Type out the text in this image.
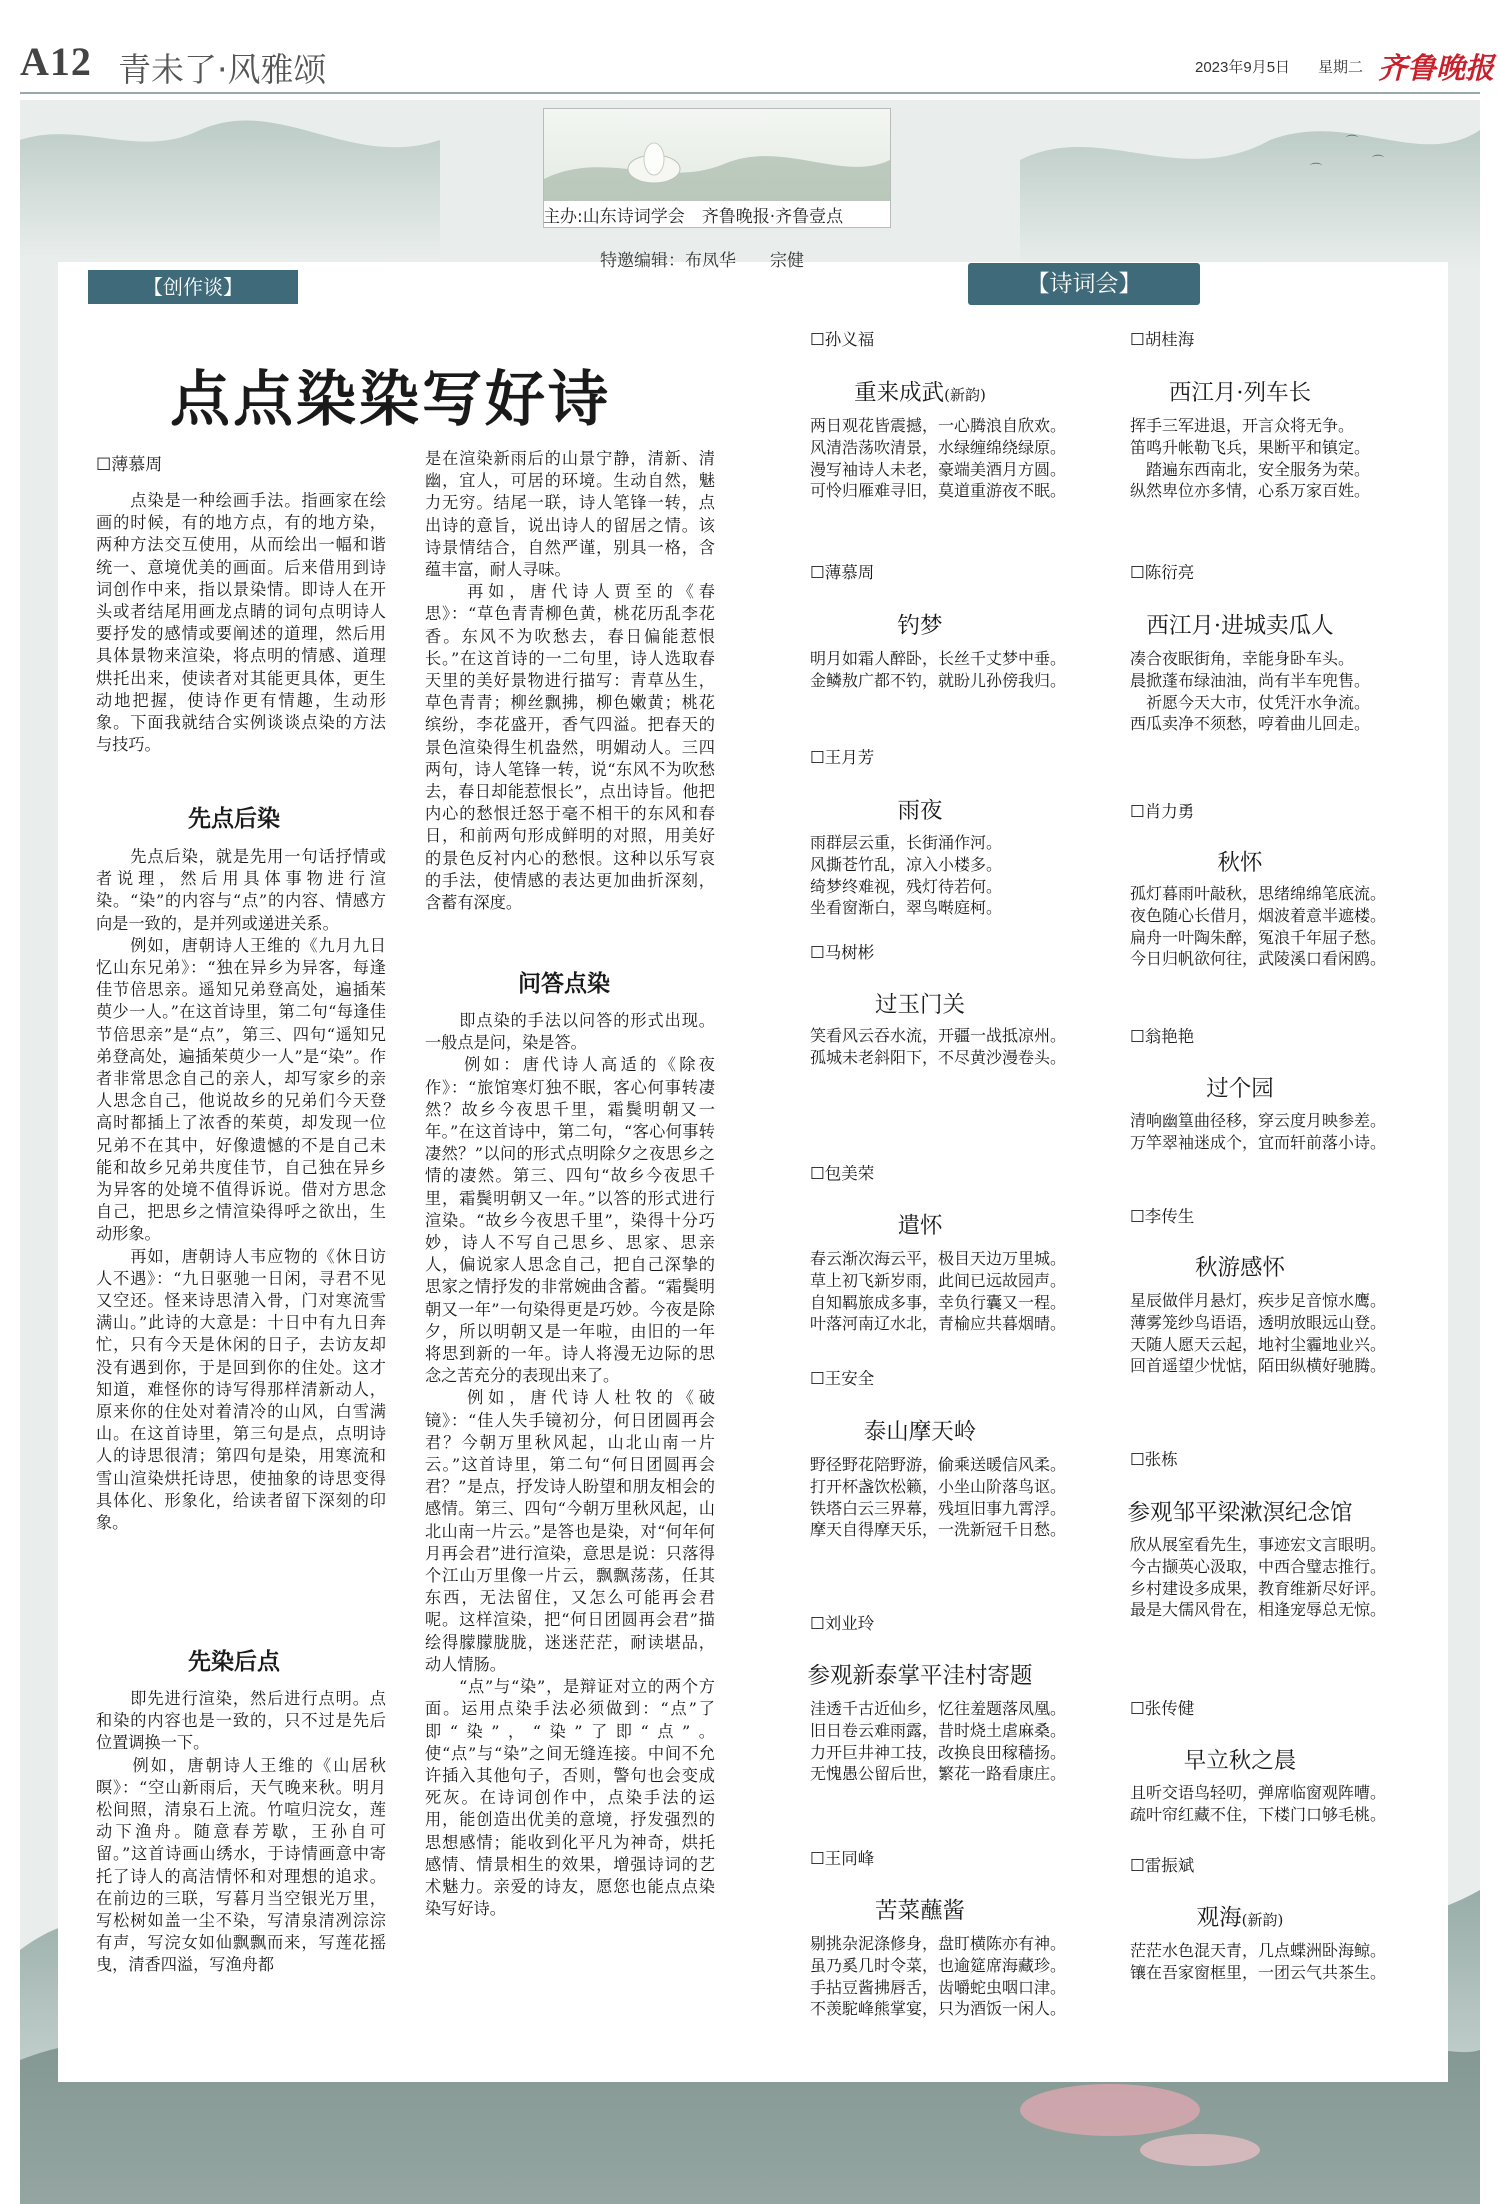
A12 青未了·风雅颂	2023年9月5日 星期二 齐鲁晚报
⌒
⌒
⌒
主办:山东诗词学会　齐鲁晚报·齐鲁壹点
特邀编辑：布凤华　　宗健
【创作谈】
点点染染写好诗
☐薄慕周
　　点染是一种绘画手法。指画家在绘画的时候，有的地方点，有的地方染，两种方法交互使用，从而绘出一幅和谐统一、意境优美的画面。后来借用到诗词创作中来，指以景染情。即诗人在开头或者结尾用画龙点睛的词句点明诗人要抒发的感情或要阐述的道理，然后用具体景物来渲染，将点明的情感、道理烘托出来，使读者对其能更具体，更生动地把握，使诗作更有情趣，生动形象。下面我就结合实例谈谈点染的方法与技巧。
先点后染
　　先点后染，就是先用一句话抒情或者说理，然后用具体事物进行渲染。“染”的内容与“点”的内容、情感方向是一致的，是并列或递进关系。
　　例如，唐朝诗人王维的《九月九日忆山东兄弟》：“独在异乡为异客，每逢佳节倍思亲。遥知兄弟登高处，遍插茱萸少一人。”在这首诗里，第二句“每逢佳节倍思亲”是“点”，第三、四句“遥知兄弟登高处，遍插茱萸少一人”是“染”。作者非常思念自己的亲人，却写家乡的亲人思念自己，他说故乡的兄弟们今天登高时都插上了浓香的茱萸，却发现一位兄弟不在其中，好像遗憾的不是自己未能和故乡兄弟共度佳节，自己独在异乡为异客的处境不值得诉说。借对方思念自己，把思乡之情渲染得呼之欲出，生动形象。
　　再如，唐朝诗人韦应物的《休日访人不遇》：“九日驱驰一日闲，寻君不见又空还。怪来诗思清入骨，门对寒流雪满山。”此诗的大意是：十日中有九日奔忙，只有今天是休闲的日子，去访友却没有遇到你，于是回到你的住处。这才知道，难怪你的诗写得那样清新动人，原来你的住处对着清冷的山风，白雪满山。在这首诗里，第三句是点，点明诗人的诗思很清；第四句是染，用寒流和雪山渲染烘托诗思，使抽象的诗思变得具体化、形象化，给读者留下深刻的印象。
先染后点
　　即先进行渲染，然后进行点明。点和染的内容也是一致的，只不过是先后位置调换一下。
　　例如，唐朝诗人王维的《山居秋暝》：“空山新雨后，天气晚来秋。明月松间照，清泉石上流。竹喧归浣女，莲动下渔舟。随意春芳歇，王孙自可留。”这首诗画山绣水，于诗情画意中寄托了诗人的高洁情怀和对理想的追求。在前边的三联，写暮月当空银光万里，写松树如盖一尘不染，写清泉清冽淙淙有声，写浣女如仙飘飘而来，写莲花摇曳，清香四溢，写渔舟都
是在渲染新雨后的山景宁静，清新、清幽，宜人，可居的环境。生动自然，魅力无穷。结尾一联，诗人笔锋一转，点出诗的意旨，说出诗人的留居之情。该诗景情结合，自然严谨，别具一格，含蕴丰富，耐人寻味。
　　再如，唐代诗人贾至的《春思》：“草色青青柳色黄，桃花历乱李花香。东风不为吹愁去，春日偏能惹恨长。”在这首诗的一二句里，诗人选取春天里的美好景物进行描写：青草丛生，草色青青；柳丝飘拂，柳色嫩黄；桃花缤纷，李花盛开，香气四溢。把春天的景色渲染得生机盎然，明媚动人。三四两句，诗人笔锋一转，说“东风不为吹愁去，春日却能惹恨长”，点出诗旨。他把内心的愁恨迁怒于毫不相干的东风和春日，和前两句形成鲜明的对照，用美好的景色反衬内心的愁恨。这种以乐写哀的手法，使情感的表达更加曲折深刻，含蓄有深度。
问答点染
　　即点染的手法以问答的形式出现。一般点是问，染是答。
　　例如：唐代诗人高适的《除夜作》：“旅馆寒灯独不眠，客心何事转凄然？故乡今夜思千里，霜鬓明朝又一年。”在这首诗中，第二句，“客心何事转凄然？”以问的形式点明除夕之夜思乡之情的凄然。第三、四句“故乡今夜思千里，霜鬓明朝又一年。”以答的形式进行渲染。“故乡今夜思千里”，染得十分巧妙，诗人不写自己思乡、思家、思亲人，偏说家人思念自己，把自己深挚的思家之情抒发的非常婉曲含蓄。“霜鬓明朝又一年”一句染得更是巧妙。今夜是除夕，所以明朝又是一年啦，由旧的一年将思到新的一年。诗人将漫无边际的思念之苦充分的表现出来了。
　　例如，唐代诗人杜牧的《破镜》：“佳人失手镜初分，何日团圆再会君？今朝万里秋风起，山北山南一片云。”这首诗里，第二句“何日团圆再会君？”是点，抒发诗人盼望和朋友相会的感情。第三、四句“今朝万里秋风起，山北山南一片云。”是答也是染，对“何年何月再会君”进行渲染，意思是说：只落得个江山万里像一片云，飘飘荡荡，任其东西，无法留住，又怎么可能再会君呢。这样渲染，把“何日团圆再会君”描绘得朦朦胧胧，迷迷茫茫，耐读堪品，动人情肠。
　　“点”与“染”，是辩证对立的两个方面。运用点染手法必须做到：“点”了即“染”，“染”了即“点”。使“点”与“染”之间无缝连接。中间不允许插入其他句子，否则，警句也会变成死灰。在诗词创作中，点染手法的运用，能创造出优美的意境，抒发强烈的思想感情；能收到化平凡为神奇，烘托感情、情景相生的效果，增强诗词的艺术魅力。亲爱的诗友，愿您也能点点染染写好诗。
【诗词会】
☐孙义福
重来成武(新韵)
两日观花皆震撼，一心腾浪自欣欢。
风清浩荡吹清景，水绿缠绵绕绿原。
漫写袖诗人未老，豪端美酒月方圆。
可怜归雁难寻旧，莫道重游夜不眠。
☐胡桂海
西江月·列车长
挥手三军进退，开言众将无争。
笛鸣升帐勒飞兵，果断平和镇定。
　踏遍东西南北，安全服务为荣。
纵然卑位亦多情，心系万家百姓。
☐薄慕周
钓梦
明月如霜人醉卧，长丝千丈梦中垂。
金鳞敖广都不钓，就盼儿孙傍我归。
☐陈衍亮
西江月·进城卖瓜人
凑合夜眠街角，幸能身卧车头。
晨掀蓬布绿油油，尚有半车兜售。
　祈愿今天大市，仗凭汗水争流。
西瓜卖净不须愁，哼着曲儿回走。
☐王月芳
雨夜
雨群层云重，长街涌作河。
风撕苍竹乱，凉入小楼多。
绮梦终难视，残灯待若何。
坐看窗渐白，翠鸟啭庭柯。
☐肖力勇
秋怀
孤灯暮雨叶敲秋，思绪绵绵笔底流。
夜色随心长借月，烟波着意半遮楼。
扁舟一叶陶朱醉，冤浪千年屈子愁。
今日归帆欲何往，武陵溪口看闲鸥。
☐马树彬
过玉门关
笑看风云吞水流，开疆一战抵凉州。
孤城未老斜阳下，不尽黄沙漫卷头。
☐翁艳艳
过个园
清响幽篁曲径移，穿云度月映参差。
万竿翠袖迷成个，宜而轩前落小诗。
☐包美荣
遣怀
春云渐次海云平，极目天边万里城。
草上初飞新岁雨，此间已远故园声。
自知羁旅成多事，幸负行囊又一程。
叶落河南辽水北，青榆应共暮烟晴。
☐李传生
秋游感怀
星辰做伴月悬灯，疾步足音惊水鹰。
薄雾笼纱鸟语语，透明放眼远山登。
天随人愿天云起，地衬尘霾地业兴。
回首遥望少忧惦，陌田纵横好驰腾。
☐王安全
泰山摩天岭
野径野花陪野游，偷乘送暖信风柔。
打开杯盏饮松籁，小坐山阶落鸟讴。
铁塔白云三界幕，残垣旧事九霄浮。
摩天自得摩天乐，一洗新冠千日愁。
☐张栋
参观邹平梁漱溟纪念馆
欣从展室看先生，事迹宏文言眼明。
今古撷英心汲取，中西合璧志推行。
乡村建设多成果，教育维新尽好评。
最是大儒风骨在，相逢宠辱总无惊。
☐刘业玲
参观新泰掌平洼村寄题
洼透千古近仙乡，忆往羞题落凤凰。
旧日卷云难雨露，昔时烧土虐麻桑。
力开巨井神工技，改换良田稼穑扬。
无愧愚公留后世，繁花一路看康庄。
☐张传健
早立秋之晨
且听交语鸟轻叨，弹席临窗观阵嘈。
疏叶帘红藏不住，下楼门口够毛桃。
☐王同峰
苦菜蘸酱
剔挑杂泥涤修身，盘盯横陈亦有神。
虽乃奚几时令菜，也逾筵席海藏珍。
手拈豆酱拂唇舌，齿嚼蛇虫咽口津。
不羡駝峰熊掌宴，只为酒饭一闲人。
☐雷振斌
观海(新韵)
茫茫水色混天青，几点蝶洲卧海鲸。
镶在吾家窗框里，一团云气共茶生。
